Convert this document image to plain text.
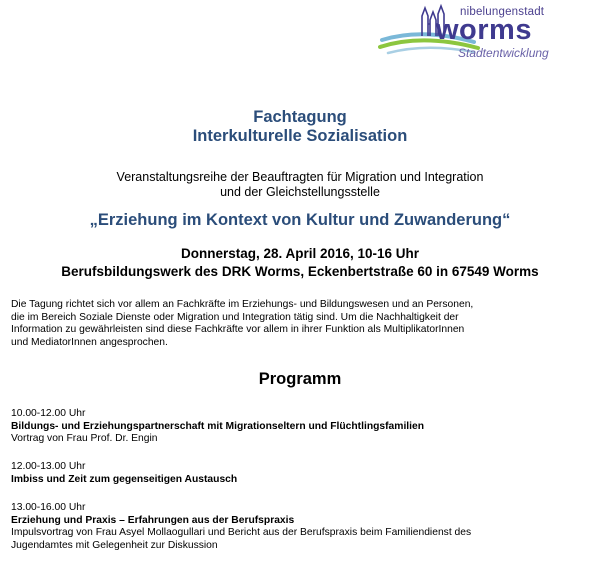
nibelungenstadt
worms
Stadtentwicklung
Fachtagung
Interkulturelle Sozialisation
Veranstaltungsreihe der Beauftragten für Migration und Integration
und der Gleichstellungsstelle
„Erziehung im Kontext von Kultur und Zuwanderung“
Donnerstag, 28. April 2016, 10-16 Uhr
Berufsbildungswerk des DRK Worms, Eckenbertstraße 60 in 67549 Worms
Die Tagung richtet sich vor allem an Fachkräfte im Erziehungs- und Bildungswesen und an Personen,
die im Bereich Soziale Dienste oder Migration und Integration tätig sind. Um die Nachhaltigkeit der
Information zu gewährleisten sind diese Fachkräfte vor allem in ihrer Funktion als MultiplikatorInnen
und MediatorInnen angesprochen.
Programm
10.00-12.00 Uhr
Bildungs- und Erziehungspartnerschaft mit Migrationseltern und Flüchtlingsfamilien
Vortrag von Frau Prof. Dr. Engin
12.00-13.00 Uhr
Imbiss und Zeit zum gegenseitigen Austausch
13.00-16.00 Uhr
Erziehung und Praxis – Erfahrungen aus der Berufspraxis
Impulsvortrag von Frau Asyel Mollaogullari und Bericht aus der Berufspraxis beim Familiendienst des
Jugendamtes mit Gelegenheit zur Diskussion
